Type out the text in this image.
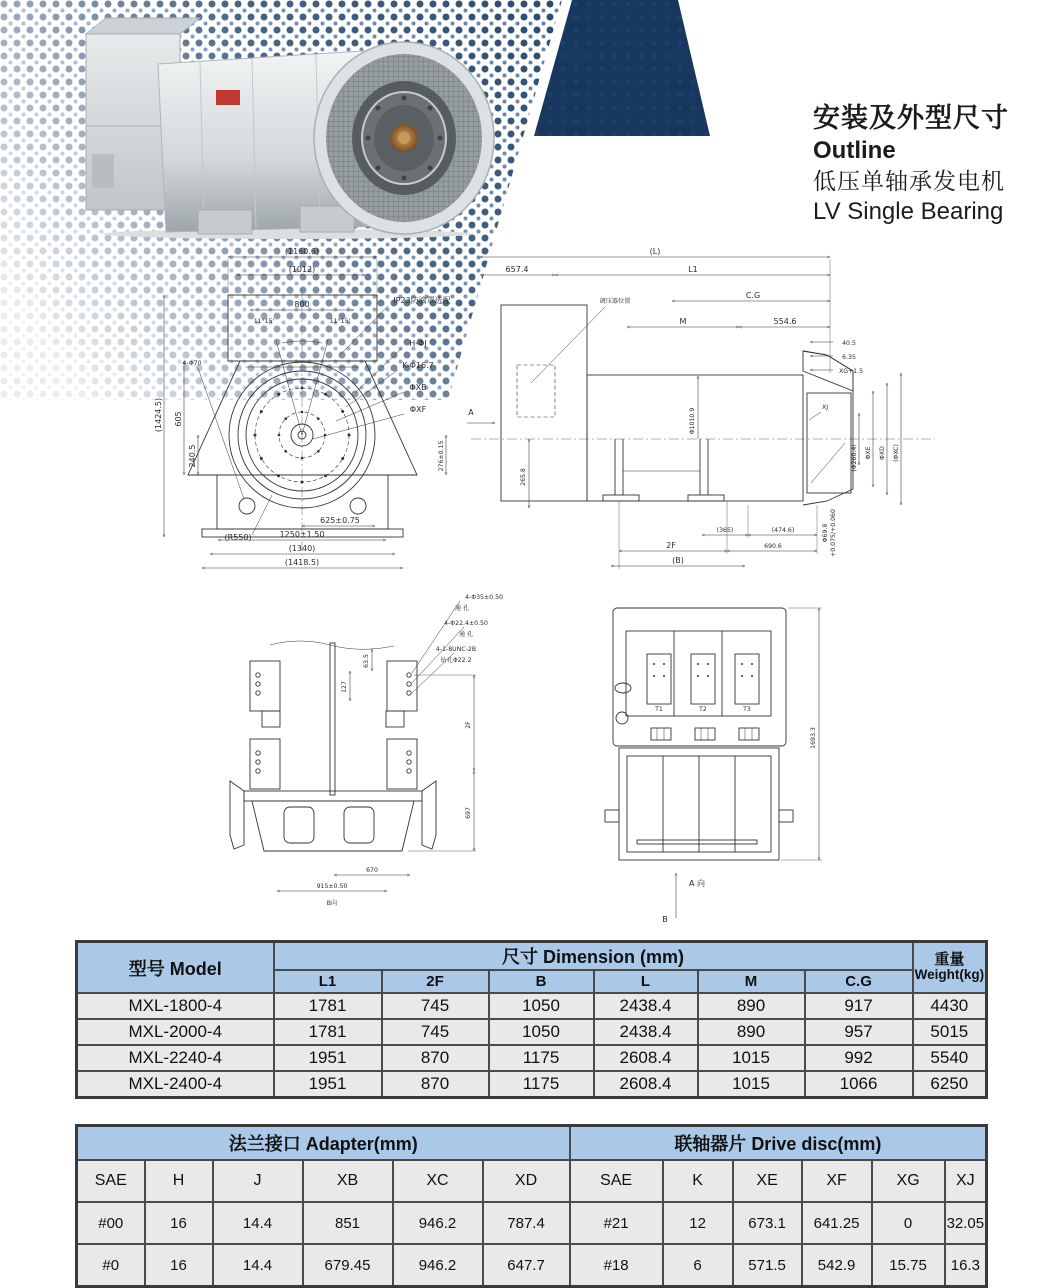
安装及外型尺寸
Outline
低压单轴承发电机
LV Single Bearing
(1160.6)
(1012)
800
11°15'	11°15'
(1424.5) 605
240.5
4-Φ70
IP23防滴罩选配
H-ΦJ
K-Φ16.7
ΦXB
ΦXF
276±0.15
(R550)
625±0.75
1250±1.50
(1340)
(1418.5)
(L)
657.4	L1
C.G
M	554.6
40.5
6.35
XG+1.5
调压器位置
A	Φ1010.9
XJ
(Φ260.4) ΦXE ΦXD (ΦXC)
Φ69.8 +0.075/+0.060
265.8
(365)	(474.6)
2F	690.6
(B)
63.5
127
4-Φ35±0.50
通 孔
4-Φ22.4±0.50
通 孔
4-1-8UNC-2B
钻孔Φ22.2
2F
697
670
915±0.50
B向
T1	T2	T3
1693.3
A 向
B
型号 Model	尺寸 Dimension (mm)						重量
Weight(kg)

	L1	2F	B	L	M	C.G	
MXL-1800-4	1781	745	1050	2438.4	890	917	4430
MXL-2000-4	1781	745	1050	2438.4	890	957	5015
MXL-2240-4	1951	870	1175	2608.4	1015	992	5540
MXL-2400-4	1951	870	1175	2608.4	1015	1066	6250
法兰接口 Adapter(mm)						联轴器片 Drive disc(mm)					
SAE	H	J	XB	XC	XD	SAE	K	XE	XF	XG	XJ
#00	16	14.4	851	946.2	787.4	#21	12	673.1	641.25	0	32.05
#0	16	14.4	679.45	946.2	647.7	#18	6	571.5	542.9	15.75	16.3
